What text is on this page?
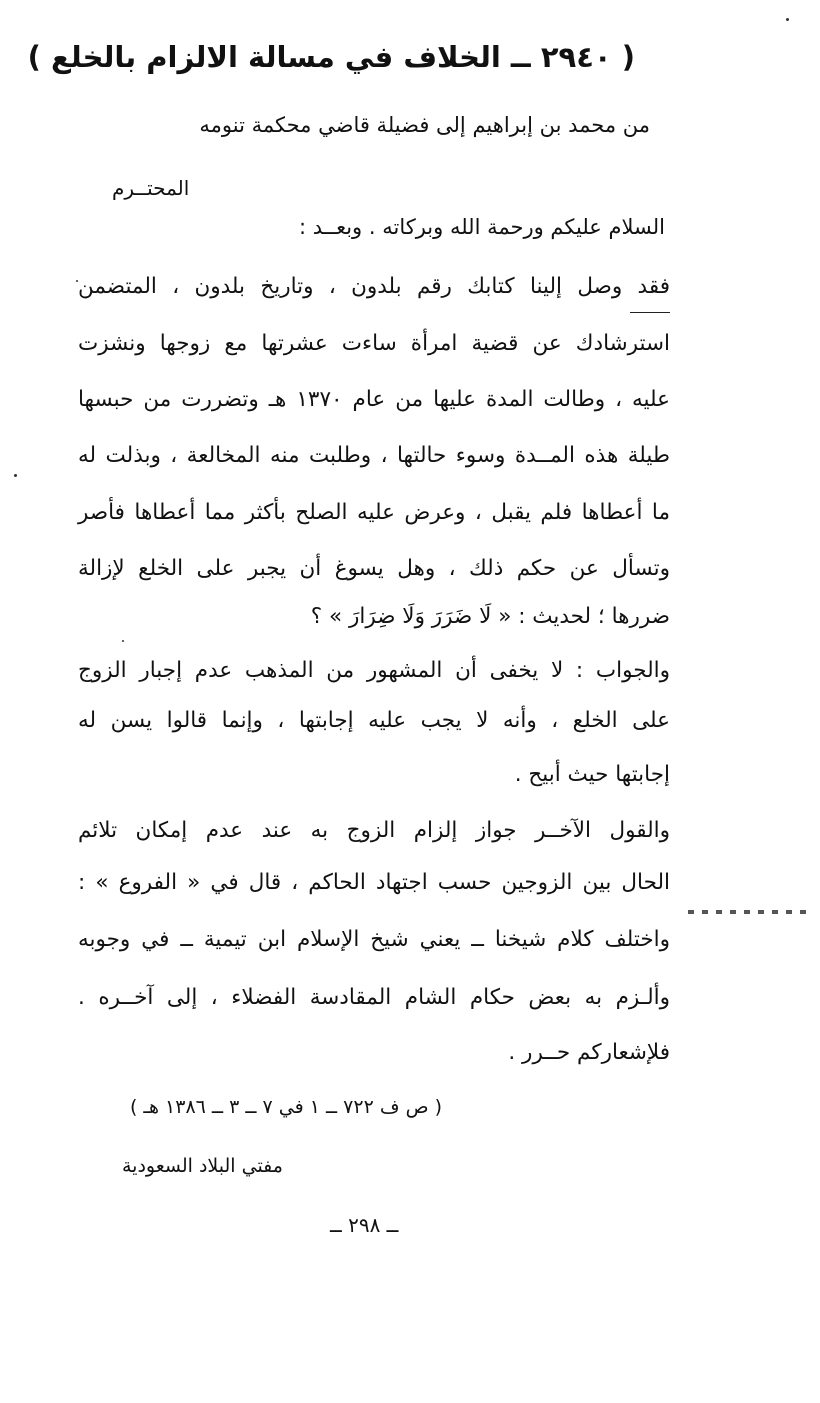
( ٢٩٤٠ ــ الخلاف في مسالة الالزام بالخلع )
من محمد بن إبراهيم إلى فضيلة قاضي محكمة تنومه
المحتــرم
السلام عليكم ورحمة الله وبركاته . وبعــد :
فقد وصل إلينا كتابك رقم بلدون ، وتاريخ بلدون ، المتضمن
استرشادك عن قضية امرأة ساءت عشرتها مع زوجها ونشزت
عليه ، وطالت المدة عليها من عام ١٣٧٠ هـ وتضررت من حبسها
طيلة هذه المــدة وسوء حالتها ، وطلبت منه المخالعة ، وبذلت له
ما أعطاها فلم يقبل ، وعرض عليه الصلح بأكثر مما أعطاها فأصر
وتسأل عن حكم ذلك ، وهل يسوغ أن يجبر على الخلع لإزالة
ضررها ؛ لحديث : « لَا ضَرَرَ وَلَا ضِرَارَ » ؟
والجواب : لا يخفى أن المشهور من المذهب عدم إجبار الزوج
على الخلع ، وأنه لا يجب عليه إجابتها ، وإنما قالوا يسن له
إجابتها حيث أبيح .
والقول الآخــر جواز إلزام الزوج به عند عدم إمكان تلائم
الحال بين الزوجين حسب اجتهاد الحاكم ، قال في « الفروع » :
واختلف كلام شيخنا ــ يعني شيخ الإسلام ابن تيمية ــ في وجوبه
وألـزم به بعض حكام الشام المقادسة الفضلاء ، إلى آخــره .
فلإشعاركم حــرر .
( ص ف ٧٢٢ ــ ١ في ٧ ــ ٣ ــ ١٣٨٦ هـ )
مفتي البلاد السعودية
ــ ٢٩٨ ــ
